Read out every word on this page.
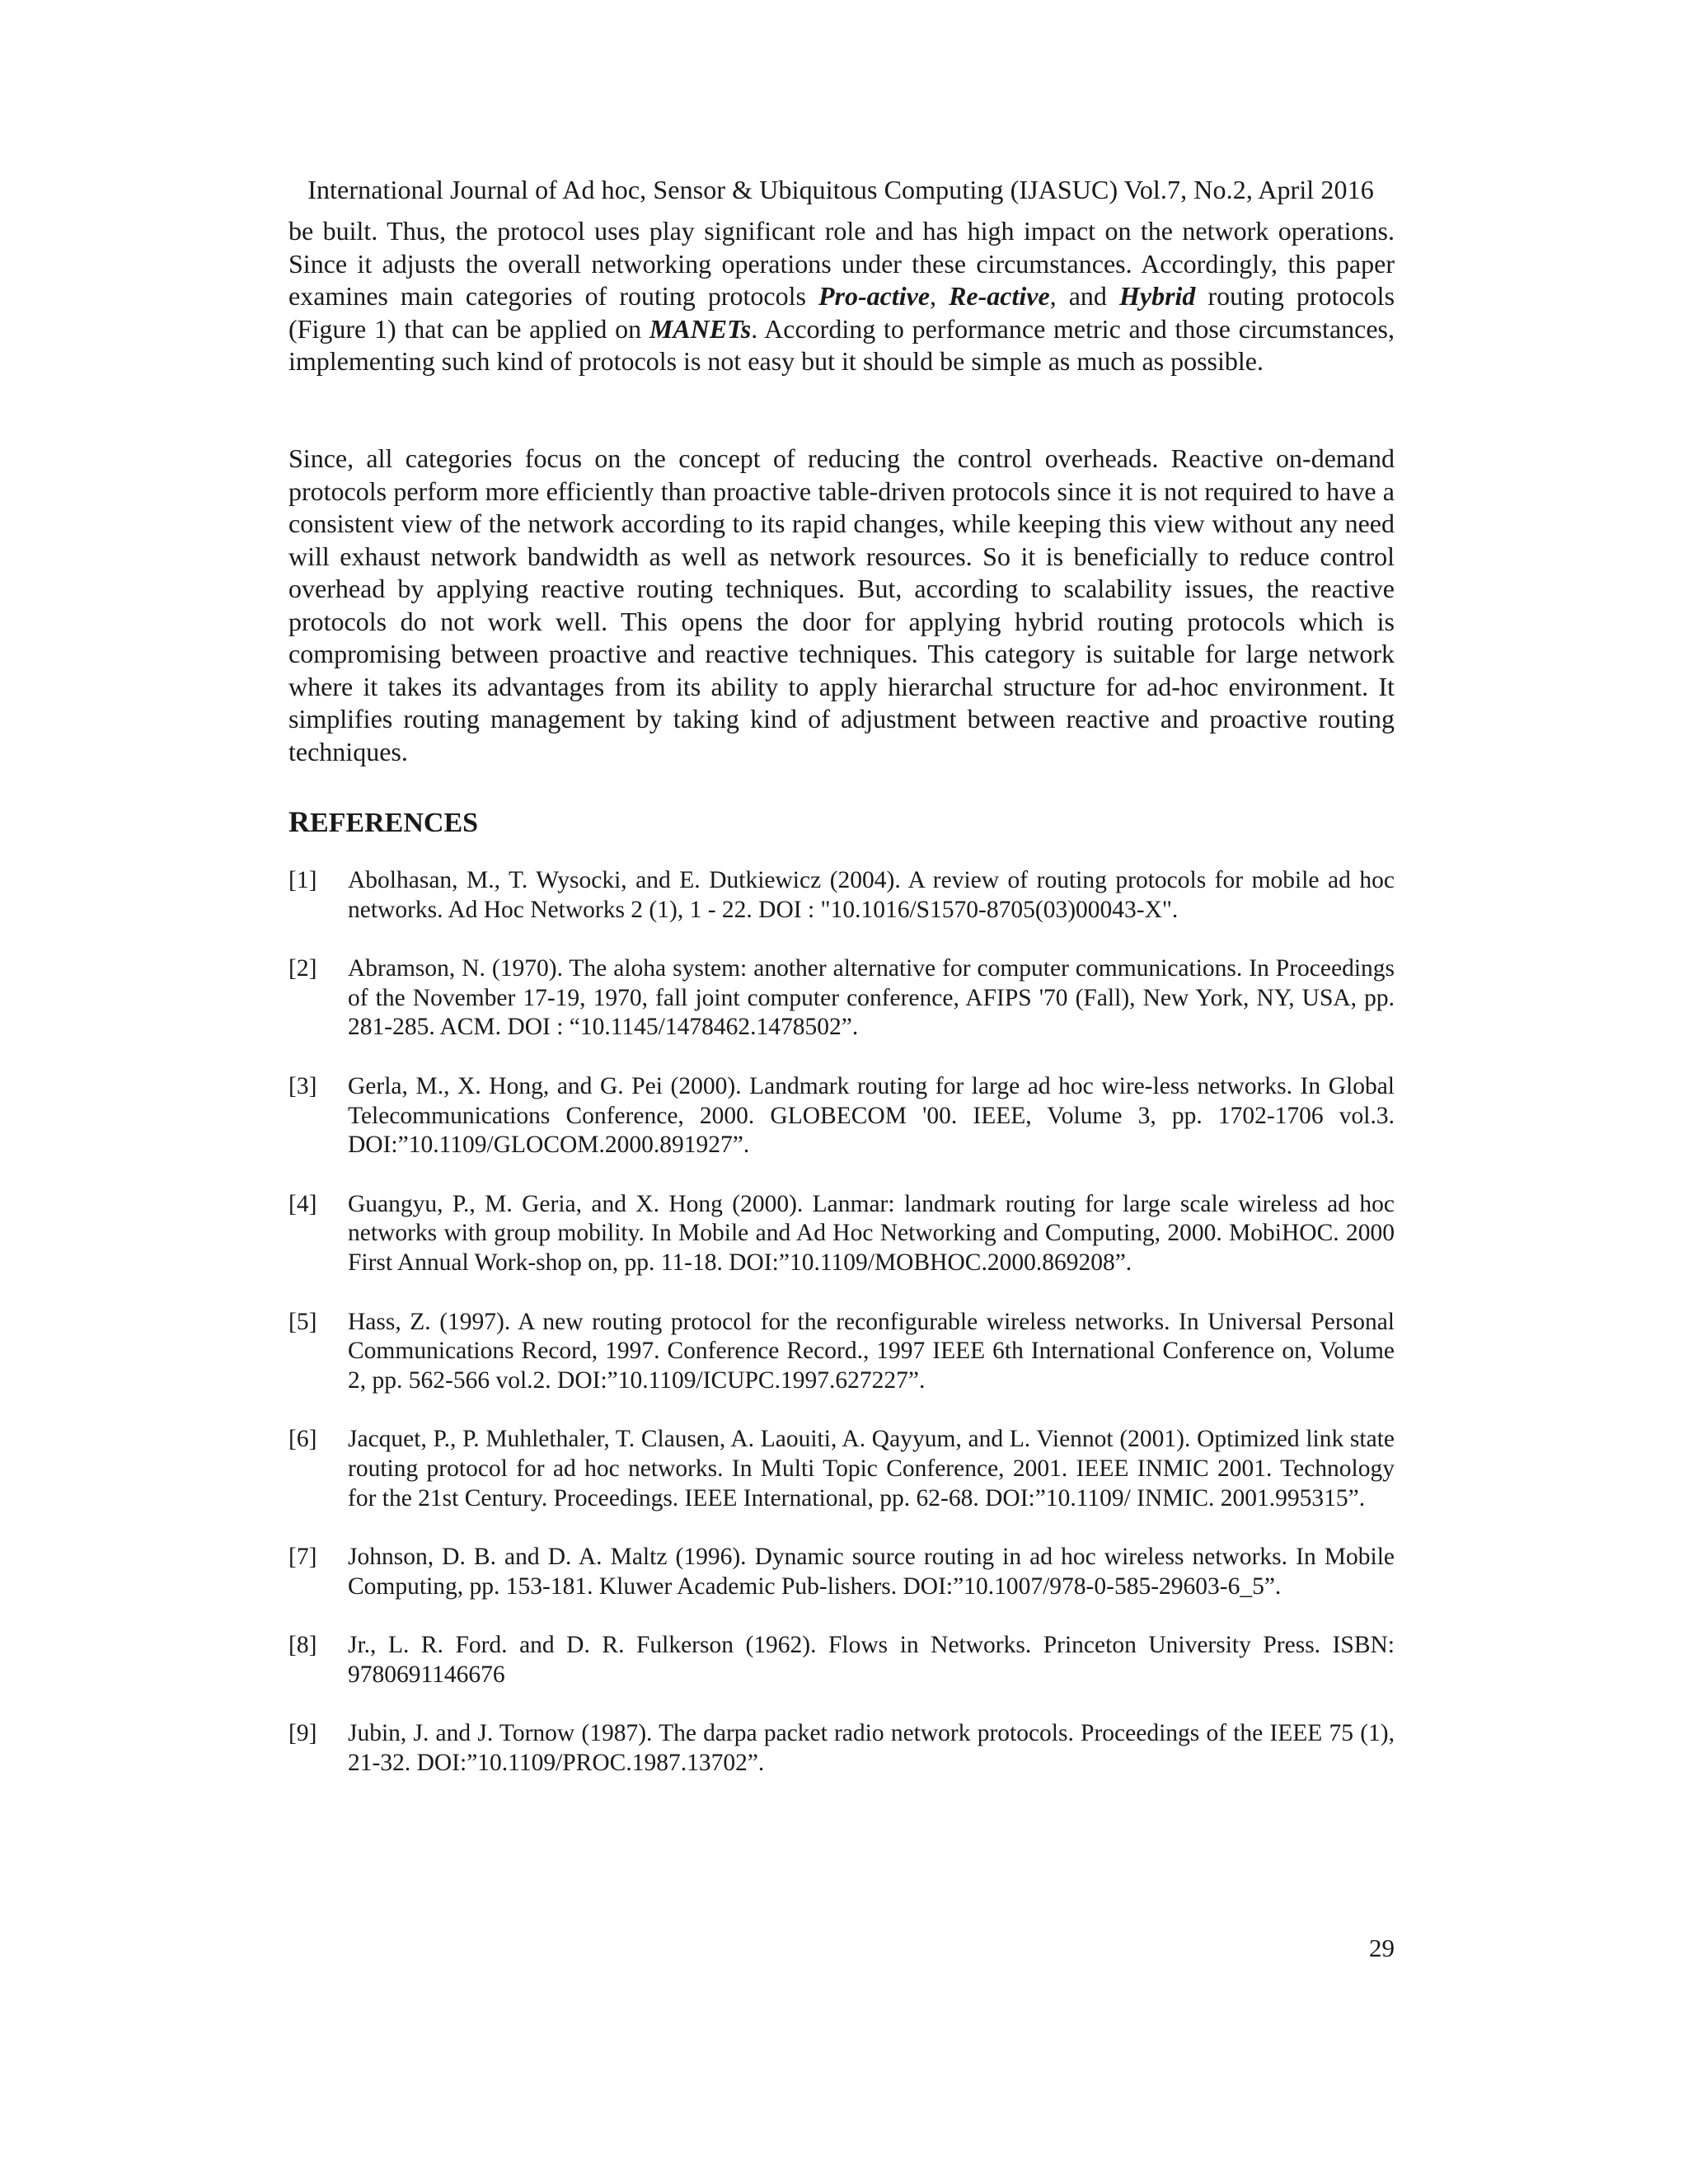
International Journal of Ad hoc, Sensor & Ubiquitous Computing (IJASUC) Vol.7, No.2, April 2016

be built. Thus, the protocol uses play significant role and has high impact on the network operations. Since it adjusts the overall networking operations under these circumstances. Accordingly, this paper examines main categories of routing protocols Pro-active, Re-active, and Hybrid routing protocols (Figure 1) that can be applied on MANETs. According to performance metric and those circumstances, implementing such kind of protocols is not easy but it should be simple as much as possible.

Since, all categories focus on the concept of reducing the control overheads. Reactive on-demand protocols perform more efficiently than proactive table-driven protocols since it is not required to have a consistent view of the network according to its rapid changes, while keeping this view without any need will exhaust network bandwidth as well as network resources. So it is beneficially to reduce control overhead by applying reactive routing techniques. But, according to scalability issues, the reactive protocols do not work well. This opens the door for applying hybrid routing protocols which is compromising between proactive and reactive techniques. This category is suitable for large network where it takes its advantages from its ability to apply hierarchal structure for ad-hoc environment. It simplifies routing management by taking kind of adjustment between reactive and proactive routing techniques.

REFERENCES
[1] Abolhasan, M., T. Wysocki, and E. Dutkiewicz (2004). A review of routing protocols for mobile ad hoc networks. Ad Hoc Networks 2 (1), 1 - 22. DOI : "10.1016/S1570-8705(03)00043-X".
[2] Abramson, N. (1970). The aloha system: another alternative for computer communications. In Proceedings of the November 17-19, 1970, fall joint computer conference, AFIPS '70 (Fall), New York, NY, USA, pp. 281-285. ACM. DOI : “10.1145/1478462.1478502”.
[3] Gerla, M., X. Hong, and G. Pei (2000). Landmark routing for large ad hoc wire-less networks. In Global Telecommunications Conference, 2000. GLOBECOM '00. IEEE, Volume 3, pp. 1702-1706 vol.3. DOI:”10.1109/GLOCOM.2000.891927”.
[4] Guangyu, P., M. Geria, and X. Hong (2000). Lanmar: landmark routing for large scale wireless ad hoc networks with group mobility. In Mobile and Ad Hoc Networking and Computing, 2000. MobiHOC. 2000 First Annual Work-shop on, pp. 11-18. DOI:”10.1109/MOBHOC.2000.869208”.
[5] Hass, Z. (1997). A new routing protocol for the reconfigurable wireless networks. In Universal Personal Communications Record, 1997. Conference Record., 1997 IEEE 6th International Conference on, Volume 2, pp. 562-566 vol.2. DOI:”10.1109/ICUPC.1997.627227”.
[6] Jacquet, P., P. Muhlethaler, T. Clausen, A. Laouiti, A. Qayyum, and L. Viennot (2001). Optimized link state routing protocol for ad hoc networks. In Multi Topic Conference, 2001. IEEE INMIC 2001. Technology for the 21st Century. Proceedings. IEEE International, pp. 62-68. DOI:”10.1109/ INMIC. 2001.995315”.
[7] Johnson, D. B. and D. A. Maltz (1996). Dynamic source routing in ad hoc wireless networks. In Mobile Computing, pp. 153-181. Kluwer Academic Pub-lishers. DOI:”10.1007/978-0-585-29603-6_5”.
[8] Jr., L. R. Ford. and D. R. Fulkerson (1962). Flows in Networks. Princeton University Press. ISBN: 9780691146676
[9] Jubin, J. and J. Tornow (1987). The darpa packet radio network protocols. Proceedings of the IEEE 75 (1), 21-32. DOI:”10.1109/PROC.1987.13702”.
29
